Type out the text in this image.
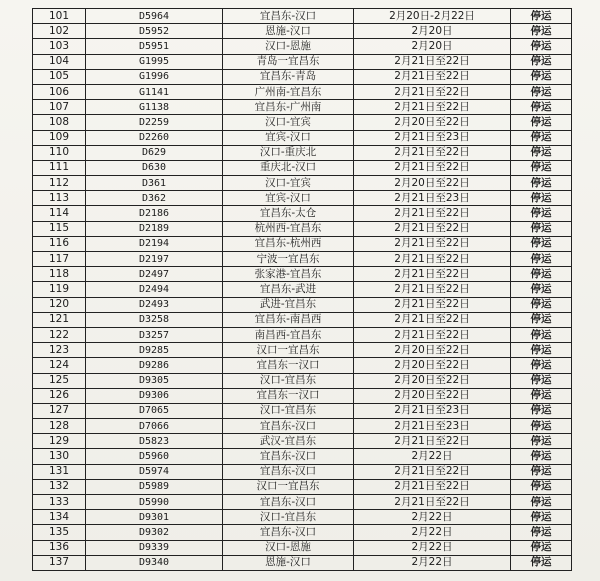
101	D5964	宜昌东-汉口	2月20日-2月22日	停运
102	D5952	恩施-汉口	2月20日	停运
103	D5951	汉口-恩施	2月20日	停运
104	G1995	青岛一宜昌东	2月21日至22日	停运
105	G1996	宜昌东-青岛	2月21日至22日	停运
106	G1141	广州南-宜昌东	2月21日至22日	停运
107	G1138	宜昌东-广州南	2月21日至22日	停运
108	D2259	汉口-宜宾	2月20日至22日	停运
109	D2260	宜宾-汉口	2月21日至23日	停运
110	D629	汉口-重庆北	2月21日至22日	停运
111	D630	重庆北-汉口	2月21日至22日	停运
112	D361	汉口-宜宾	2月20日至22日	停运
113	D362	宜宾-汉口	2月21日至23日	停运
114	D2186	宜昌东-太仓	2月21日至22日	停运
115	D2189	杭州西-宜昌东	2月21日至22日	停运
116	D2194	宜昌东-杭州西	2月21日至22日	停运
117	D2197	宁波一宜昌东	2月21日至22日	停运
118	D2497	张家港-宜昌东	2月21日至22日	停运
119	D2494	宜昌东-武进	2月21日至22日	停运
120	D2493	武进-宜昌东	2月21日至22日	停运
121	D3258	宜昌东-南昌西	2月21日至22日	停运
122	D3257	南昌西-宜昌东	2月21日至22日	停运
123	D9285	汉口一宜昌东	2月20日至22日	停运
124	D9286	宜昌东一汉口	2月20日至22日	停运
125	D9305	汉口-宜昌东	2月20日至22日	停运
126	D9306	宜昌东一汉口	2月20日至22日	停运
127	D7065	汉口-宜昌东	2月21日至23日	停运
128	D7066	宜昌东-汉口	2月21日至23日	停运
129	D5823	武汉-宜昌东	2月21日至22日	停运
130	D5960	宜昌东-汉口	2月22日	停运
131	D5974	宜昌东-汉口	2月21日至22日	停运
132	D5989	汉口一宜昌东	2月21日至22日	停运
133	D5990	宜昌东-汉口	2月21日至22日	停运
134	D9301	汉口-宜昌东	2月22日	停运
135	D9302	宜昌东-汉口	2月22日	停运
136	D9339	汉口-恩施	2月22日	停运
137	D9340	恩施-汉口	2月22日	停运
